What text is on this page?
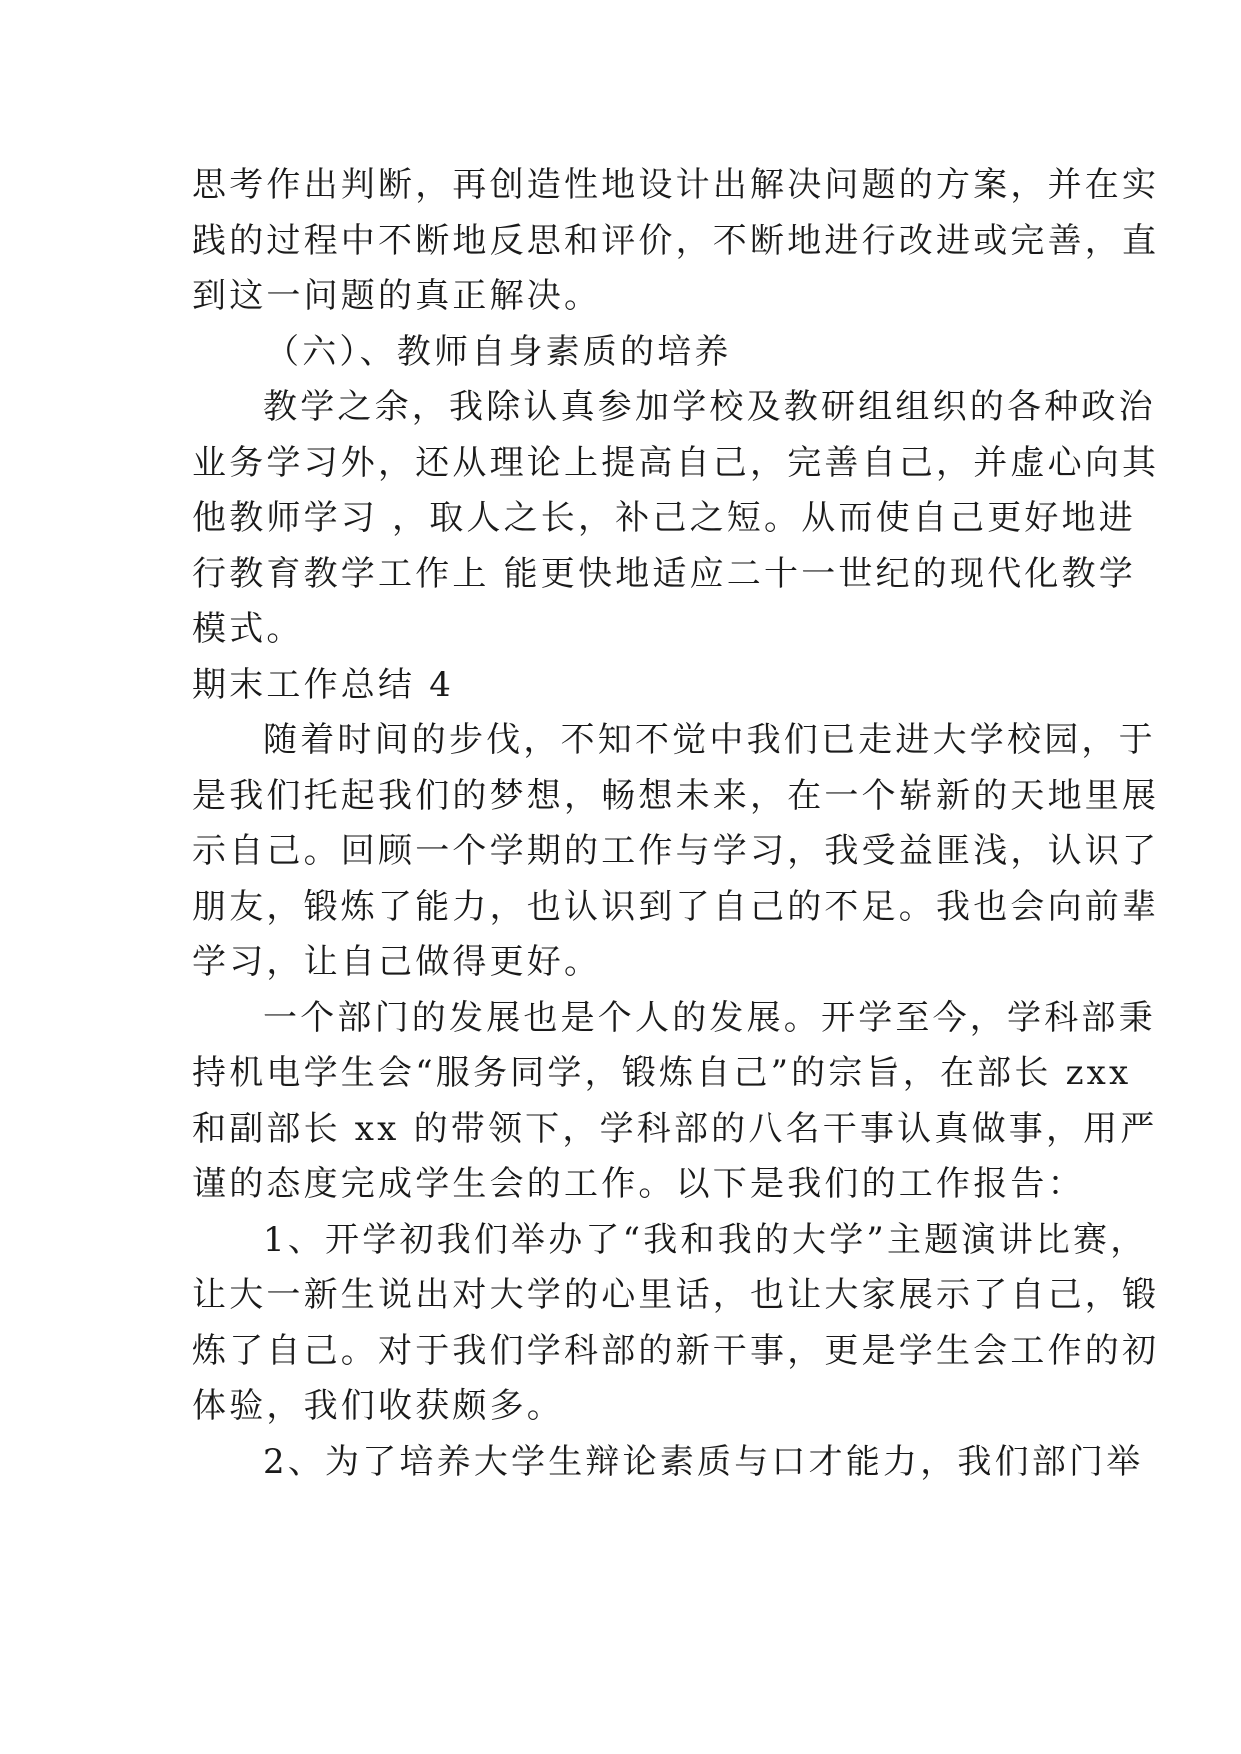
思考作出判断，再创造性地设计出解决问题的方案，并在实
践的过程中不断地反思和评价，不断地进行改进或完善，直
到这一问题的真正解决。
（六）、教师自身素质的培养
教学之余，我除认真参加学校及教研组组织的各种政治
业务学习外，还从理论上提高自己，完善自己，并虚心向其
他教师学习 ，取人之长，补己之短。从而使自己更好地进
行教育教学工作上 能更快地适应二十一世纪的现代化教学
模式。
期末工作总结 4
随着时间的步伐，不知不觉中我们已走进大学校园，于
是我们托起我们的梦想，畅想未来，在一个崭新的天地里展
示自己。回顾一个学期的工作与学习，我受益匪浅，认识了
朋友，锻炼了能力，也认识到了自己的不足。我也会向前辈
学习，让自己做得更好。
一个部门的发展也是个人的发展。开学至今，学科部秉
持机电学生会“服务同学，锻炼自己”的宗旨，在部长 zxx
和副部长 xx 的带领下，学科部的八名干事认真做事，用严
谨的态度完成学生会的工作。以下是我们的工作报告：
1、开学初我们举办了“我和我的大学”主题演讲比赛，
让大一新生说出对大学的心里话，也让大家展示了自己，锻
炼了自己。对于我们学科部的新干事，更是学生会工作的初
体验，我们收获颇多。
2、为了培养大学生辩论素质与口才能力，我们部门举
